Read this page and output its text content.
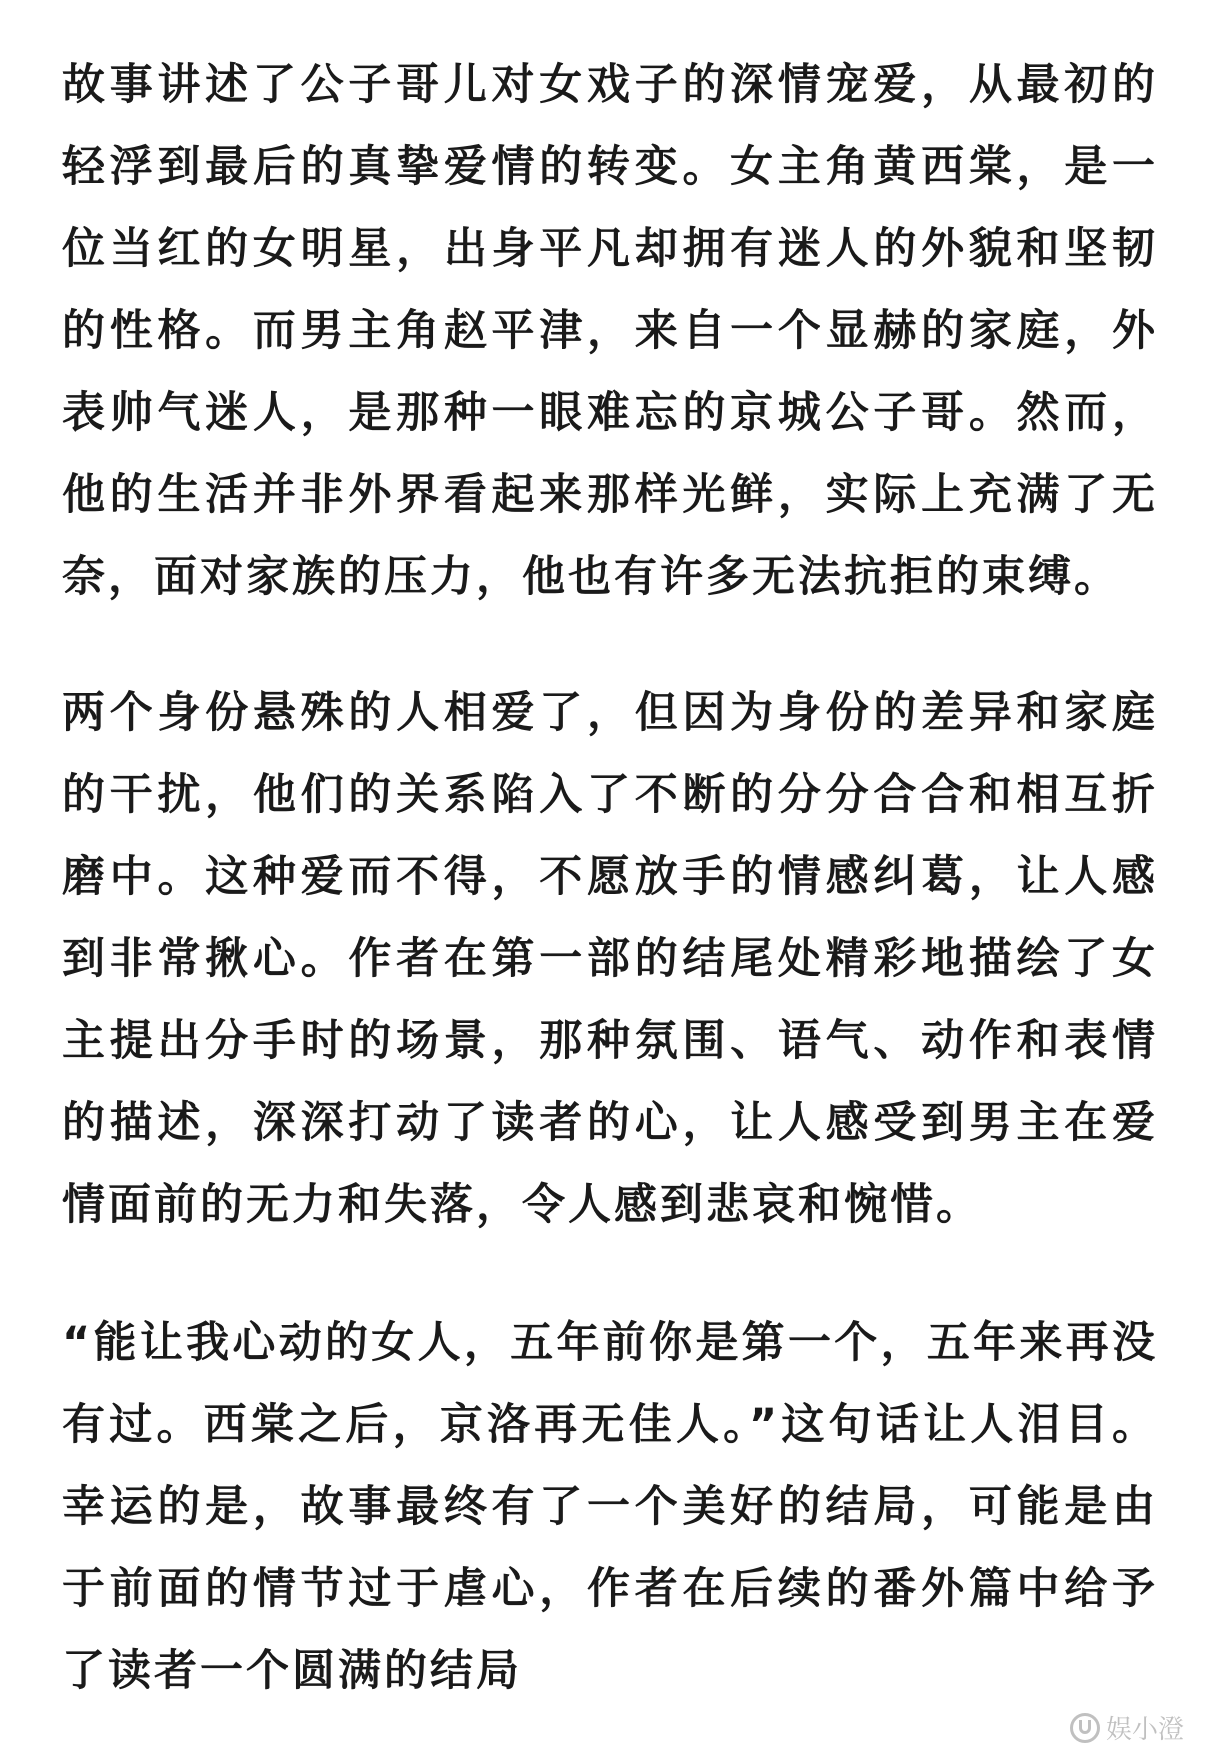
故事讲述了公子哥儿对女戏子的深情宠爱，从最初的轻浮到最后的真挚爱情的转变。女主角黄西棠，是一位当红的女明星，出身平凡却拥有迷人的外貌和坚韧的性格。而男主角赵平津，来自一个显赫的家庭，外表帅气迷人，是那种一眼难忘的京城公子哥。然而，他的生活并非外界看起来那样光鲜，实际上充满了无奈，面对家族的压力，他也有许多无法抗拒的束缚。

两个身份悬殊的人相爱了，但因为身份的差异和家庭的干扰，他们的关系陷入了不断的分分合合和相互折磨中。这种爱而不得，不愿放手的情感纠葛，让人感到非常揪心。作者在第一部的结尾处精彩地描绘了女主提出分手时的场景，那种氛围、语气、动作和表情的描述，深深打动了读者的心，让人感受到男主在爱情面前的无力和失落，令人感到悲哀和惋惜。

“能让我心动的女人，五年前你是第一个，五年来再没有过。西棠之后，京洛再无佳人。”这句话让人泪目。幸运的是，故事最终有了一个美好的结局，可能是由于前面的情节过于虐心，作者在后续的番外篇中给予了读者一个圆满的结局

娱小澄
